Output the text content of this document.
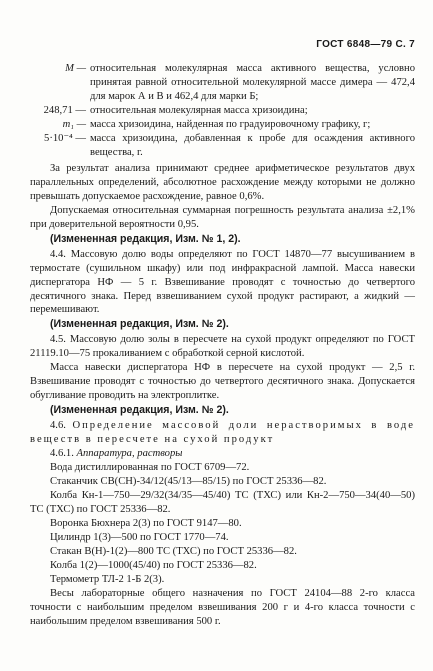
ГОСТ 6848—79 С. 7
M — относительная молекулярная масса активного вещества, условно принятая равной относительной молекулярной массе димера — 472,4 для марок А и В и 462,4 для марки Б;
248,71 — относительная молекулярная масса хризоидина;
m₁ — масса хризоидина, найденная по градуировочному графику, г;
5·10⁻⁴ — масса хризоидина, добавленная к пробе для осаждения активного вещества, г.

За результат анализа принимают среднее арифметическое результатов двух параллельных определений, абсолютное расхождение между которыми не должно превышать допускаемое расхождение, равное 0,6%.

Допускаемая относительная суммарная погрешность результата анализа ±2,1% при доверительной вероятности 0,95.

(Измененная редакция, Изм. № 1, 2).

4.4. Массовую долю воды определяют по ГОСТ 14870—77 высушиванием в термостате (сушильном шкафу) или под инфракрасной лампой. Масса навески диспергатора НФ — 5 г. Взвешивание проводят с точностью до четвертого десятичного знака. Перед взвешиванием сухой продукт растирают, а жидкий — перемешивают.

(Измененная редакция, Изм. № 2).

4.5. Массовую долю золы в пересчете на сухой продукт определяют по ГОСТ 21119.10—75 прокаливанием с обработкой серной кислотой.

Масса навески диспергатора НФ в пересчете на сухой продукт — 2,5 г. Взвешивание проводят с точностью до четвертого десятичного знака. Допускается обугливание проводить на электроплитке.

(Измененная редакция, Изм. № 2).

4.6. Определение массовой доли нерастворимых в воде веществ в пересчете на сухой продукт

4.6.1. Аппаратура, растворы

Вода дистиллированная по ГОСТ 6709—72.

Стаканчик СВ(СН)-34/12(45/13—85/15) по ГОСТ 25336—82.

Колба Кн-1—750—29/32(34/35—45/40) ТС (ТХС) или Кн-2—750—34(40—50) ТС (ТХС) по ГОСТ 25336—82.

Воронка Бюхнера 2(3) по ГОСТ 9147—80.

Цилиндр 1(3)—500 по ГОСТ 1770—74.

Стакан В(Н)-1(2)—800 ТС (ТХС) по ГОСТ 25336—82.

Колба 1(2)—1000(45/40) по ГОСТ 25336—82.

Термометр ТЛ-2 1-Б 2(3).

Весы лабораторные общего назначения по ГОСТ 24104—88 2-го класса точности с наибольшим пределом взвешивания 200 г и 4-го класса точности с наибольшим пределом взвешивания 500 г.
